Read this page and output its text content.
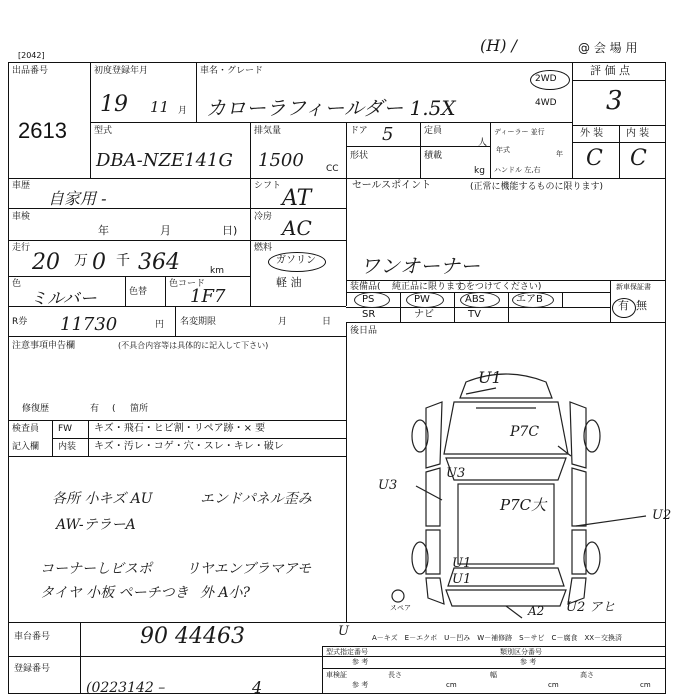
[2042]
(H) /	@ 会 場 用
出品番号
2613
初度登録年月
19 11 月
車名・グレード
カローラフィールダー 1.5X
2WD
4WD
評 価 点
3
型式
DBA-NZE141G
排気量
1500 CC
ドア 5
形状
定員
人
積載
kg
ディーラー 並行
年式	年
ハンドル 左,右
外 装 内 装
C C
車歴
自家用 -
シフト AT
セールスポイント	(正常に機能するものに限ります)
車検
年	月	日)
冷房 AC
走行
20 万 0 千 364	km
燃料
ガソリン
軽 油
ワンオーナー
色
ミルバー	色替
色コード
1F7	装備品( 純正品に限ります
○をつけてください)	新車保証書
PS	PW	ABS	エアB
SR	ナビ	TV
有 無
R券 11730	円 名変期限	月	日
後日品
注意事項申告欄	(不具合内容等は具体的に記入して下さい)
修復歴	有 ( 箇所
検査員
記入欄
FW キズ・飛石・ヒビ割・リペア跡・× 要
内装 キズ・汚レ・コゲ・穴・スレ・キレ・破レ
各所 小キズ AU	エンドパネル歪み
AW-テラーA
コーナーしビスポ リヤエンブラマアモ
タイヤ 小板 ペーチつき 外 A小?
スペア
U1
P7C
U3
U3
P7C大
U2
U1
U1
A2 U2 アヒ
車台番号	90 44463	U	A－キズ　E－エクボ　U－凹み　W－補修跡　S－サビ　C－腐食　XX－交換済
登録番号
(0223142 –	4
型式指定番号
参 考
類別区分番号
参 考
車検証
参 考
長さ
cm
幅
cm
高さ
cm
